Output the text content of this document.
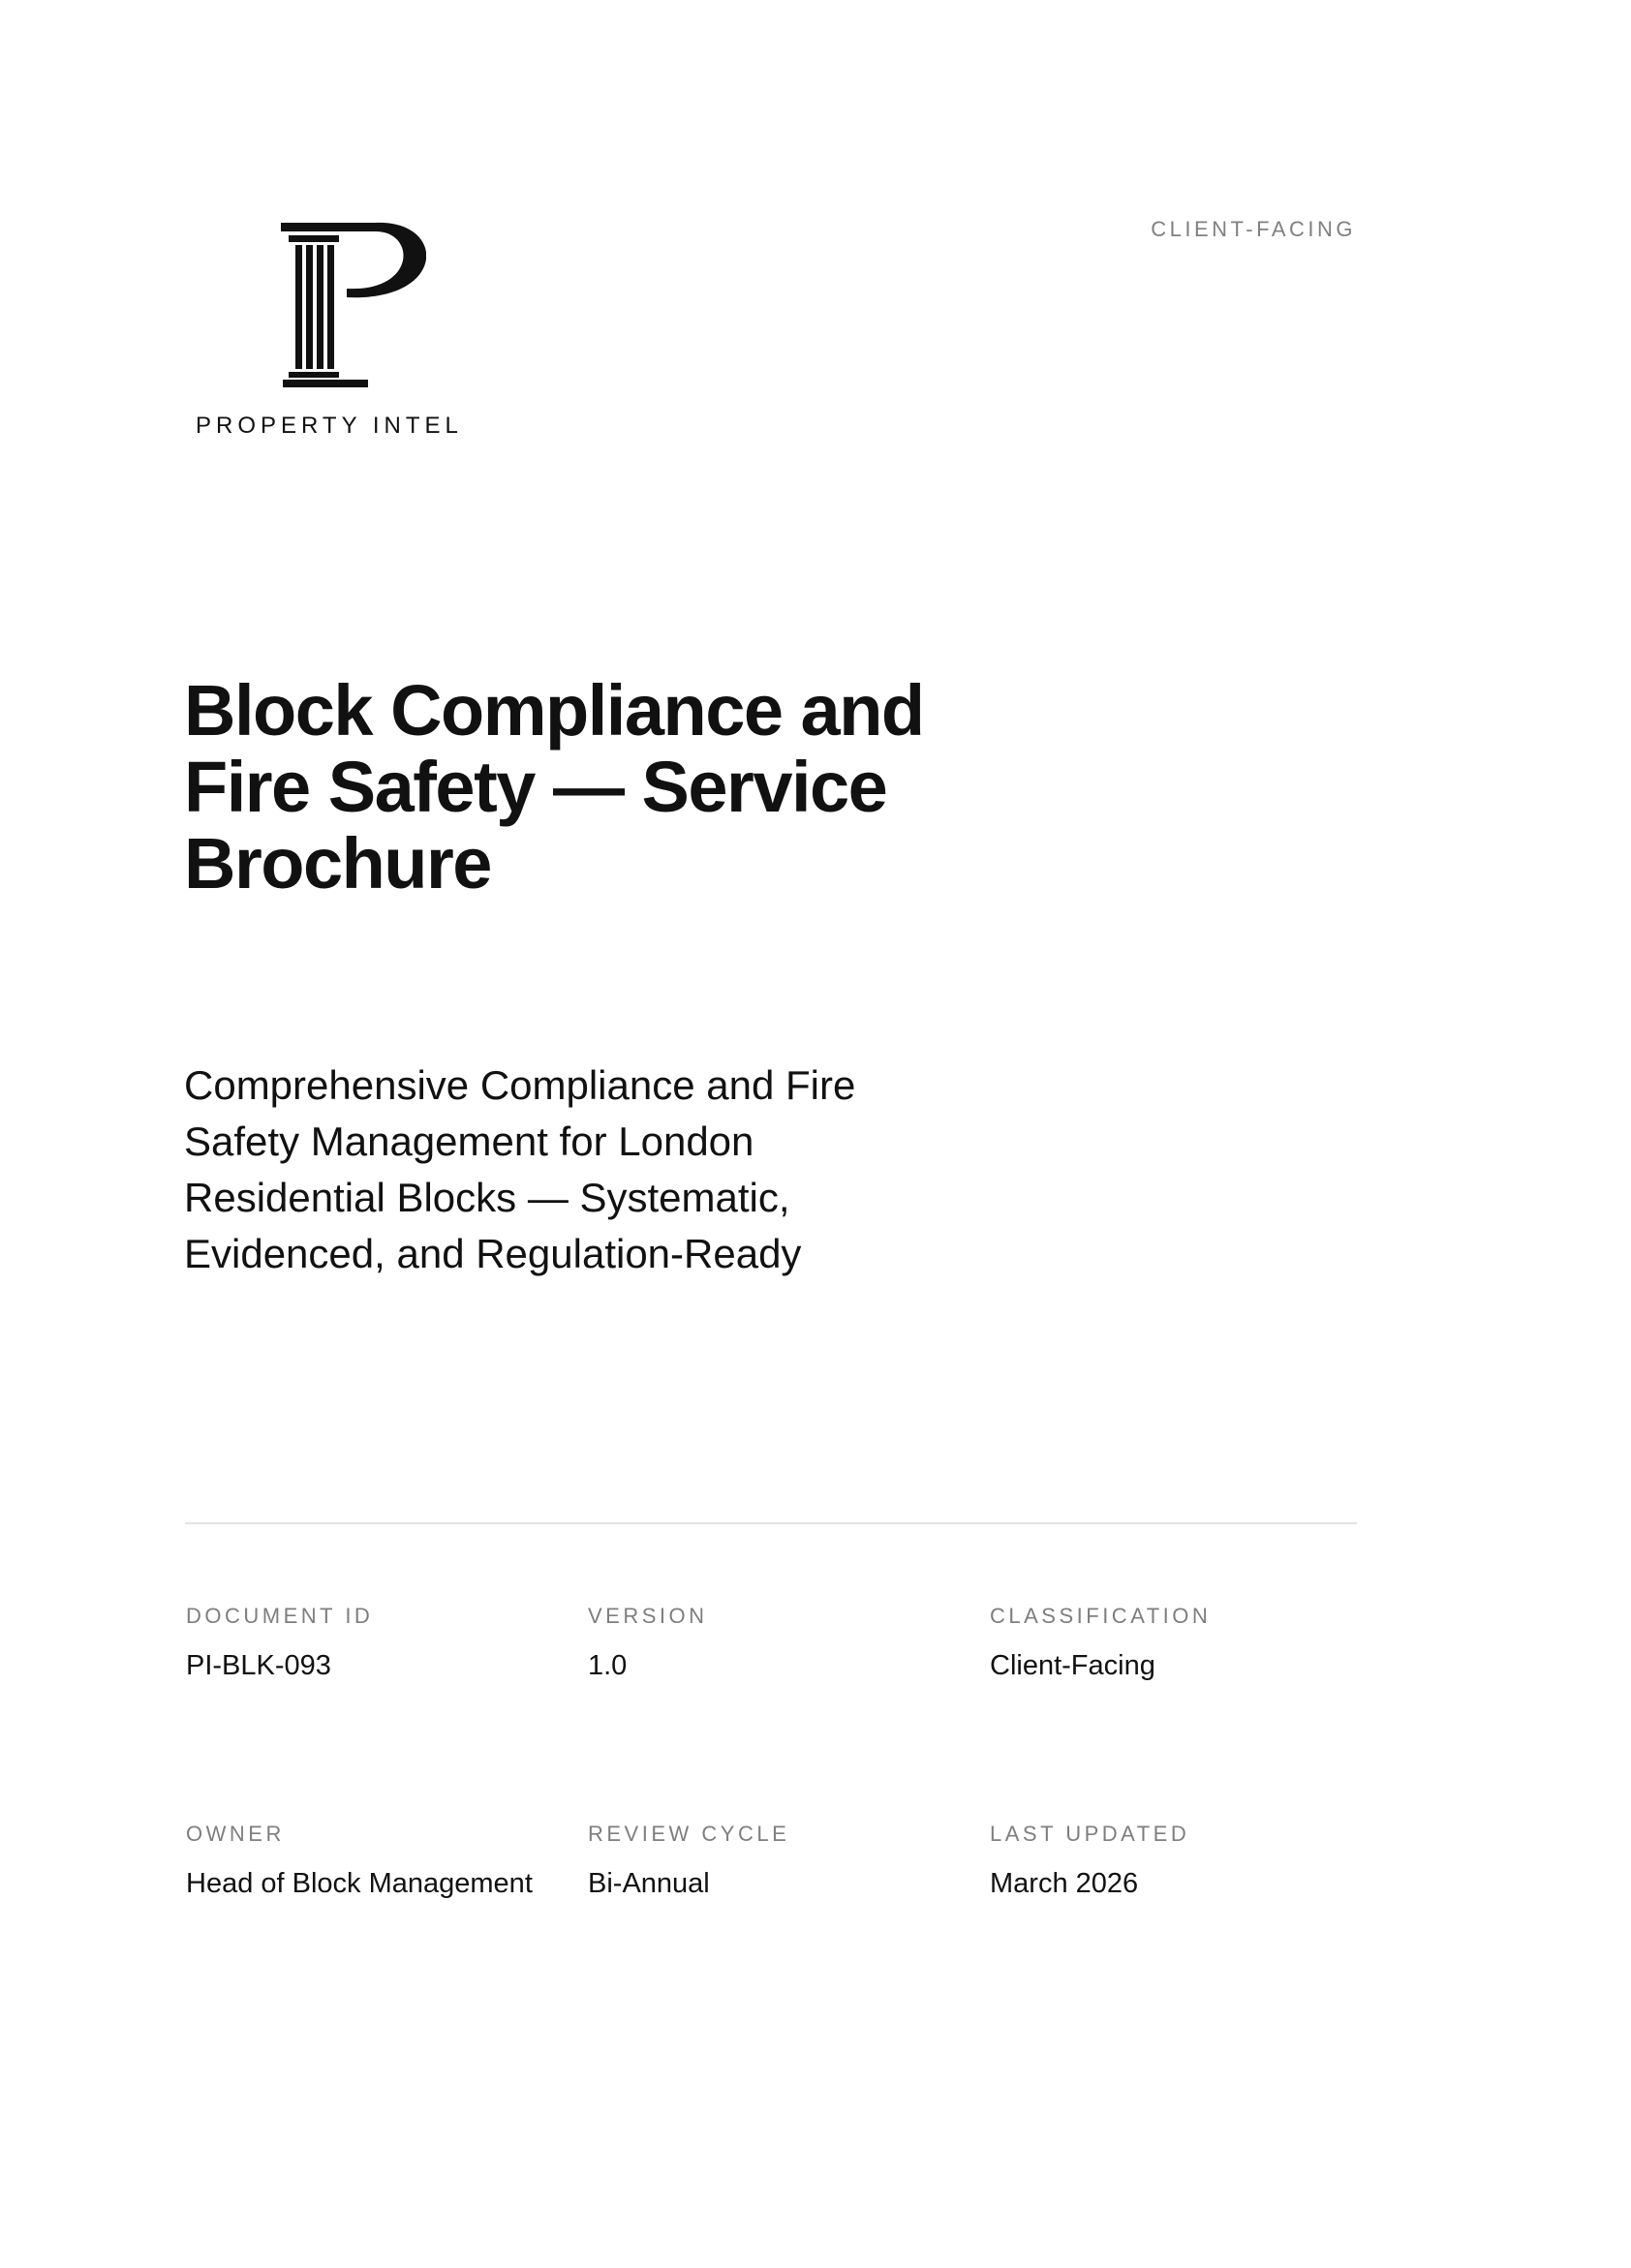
CLIENT-FACING
PROPERTY INTEL
Block Compliance and Fire Safety — Service Brochure

Comprehensive Compliance and Fire Safety Management for London Residential Blocks — Systematic, Evidenced, and Regulation-Ready

DOCUMENT ID
PI-BLK-093
VERSION
1.0
CLASSIFICATION
Client-Facing
OWNER
Head of Block Management
REVIEW CYCLE
Bi-Annual
LAST UPDATED
March 2026
